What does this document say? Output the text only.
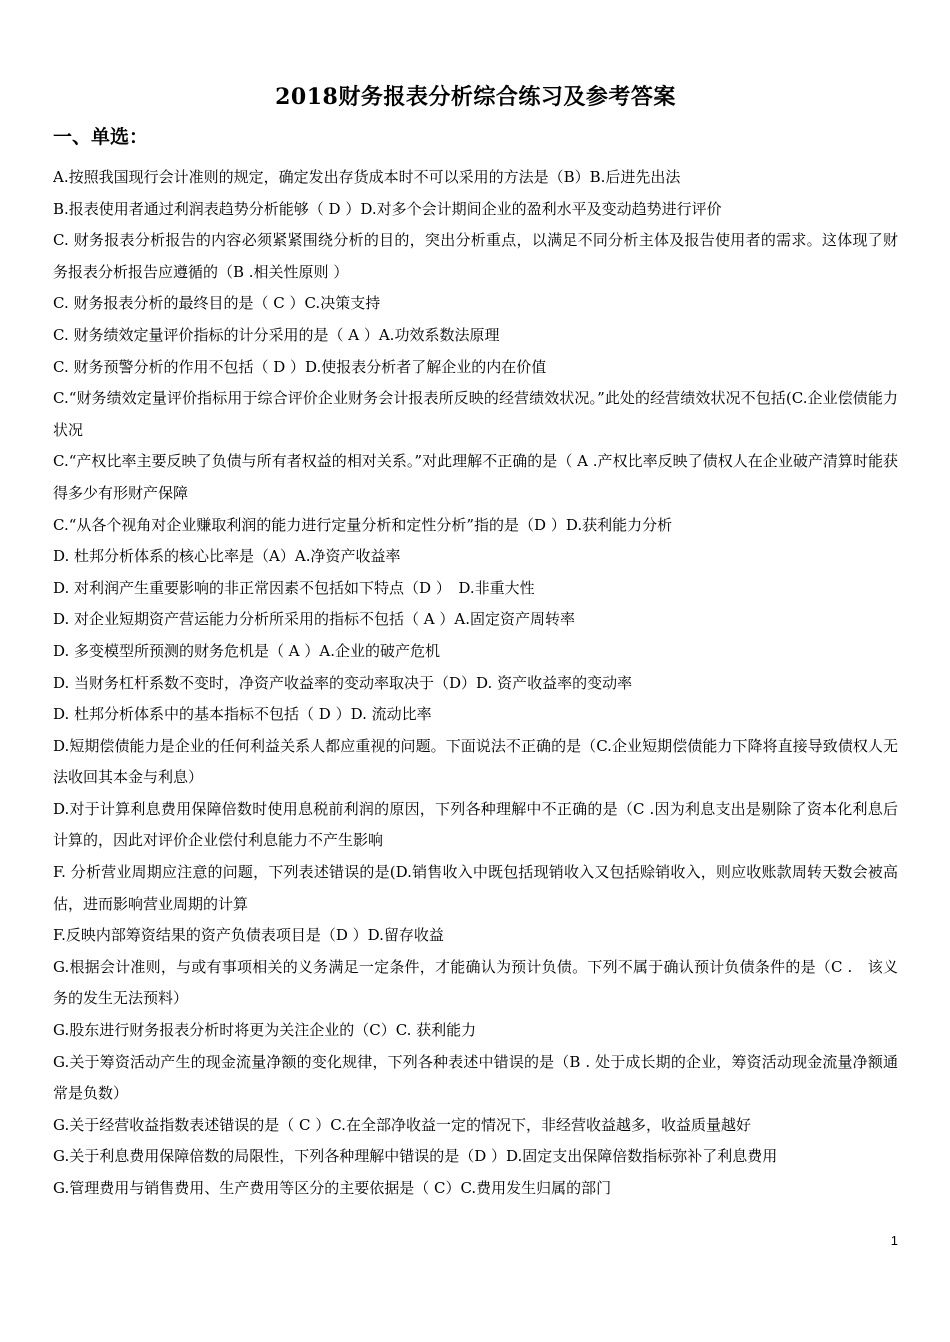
2018财务报表分析综合练习及参考答案
一、单选：
A.按照我国现行会计准则的规定，确定发出存货成本时不可以采用的方法是（B）B.后进先出法
B.报表使用者通过利润表趋势分析能够（ D ）D.对多个会计期间企业的盈利水平及变动趋势进行评价
C. 财务报表分析报告的内容必须紧紧围绕分析的目的，突出分析重点，以满足不同分析主体及报告使用者的需求。这体现了财务报表分析报告应遵循的（B .相关性原则 ）
C. 财务报表分析的最终目的是（ C ）C.决策支持
C. 财务绩效定量评价指标的计分采用的是（ A ）A.功效系数法原理
C. 财务预警分析的作用不包括（ D ）D.使报表分析者了解企业的内在价值
C.“财务绩效定量评价指标用于综合评价企业财务会计报表所反映的经营绩效状况。”此处的经营绩效状况不包括(C.企业偿债能力状况
C.“产权比率主要反映了负债与所有者权益的相对关系。”对此理解不正确的是（ A .产权比率反映了债权人在企业破产清算时能获得多少有形财产保障
C.“从各个视角对企业赚取利润的能力进行定量分析和定性分析”指的是（D ）D.获利能力分析
D. 杜邦分析体系的核心比率是（A）A.净资产收益率
D. 对利润产生重要影响的非正常因素不包括如下特点（D ）　D.非重大性
D. 对企业短期资产营运能力分析所采用的指标不包括（ A ）A.固定资产周转率
D. 多变模型所预测的财务危机是（ A ）A.企业的破产危机
D. 当财务杠杆系数不变时，净资产收益率的变动率取决于（D）D. 资产收益率的变动率
D. 杜邦分析体系中的基本指标不包括（ D ）D. 流动比率
D.短期偿债能力是企业的任何利益关系人都应重视的问题。下面说法不正确的是（C.企业短期偿债能力下降将直接导致债权人无法收回其本金与利息）
D.对于计算利息费用保障倍数时使用息税前利润的原因，下列各种理解中不正确的是（C .因为利息支出是剔除了资本化利息后计算的，因此对评价企业偿付利息能力不产生影响
F. 分析营业周期应注意的问题，下列表述错误的是(D.销售收入中既包括现销收入又包括赊销收入，则应收账款周转天数会被高估，进而影响营业周期的计算
F.反映内部筹资结果的资产负债表项目是（D ）D.留存收益
G.根据会计准则，与或有事项相关的义务满足一定条件，才能确认为预计负债。下列不属于确认预计负债条件的是（C .　该义务的发生无法预料）
G.股东进行财务报表分析时将更为关注企业的（C）C. 获利能力
G.关于筹资活动产生的现金流量净额的变化规律，下列各种表述中错误的是（B . 处于成长期的企业，筹资活动现金流量净额通常是负数）
G.关于经营收益指数表述错误的是（ C ）C.在全部净收益一定的情况下，非经营收益越多，收益质量越好
G.关于利息费用保障倍数的局限性，下列各种理解中错误的是（D ）D.固定支出保障倍数指标弥补了利息费用
G.管理费用与销售费用、生产费用等区分的主要依据是（ C）C.费用发生归属的部门
1
